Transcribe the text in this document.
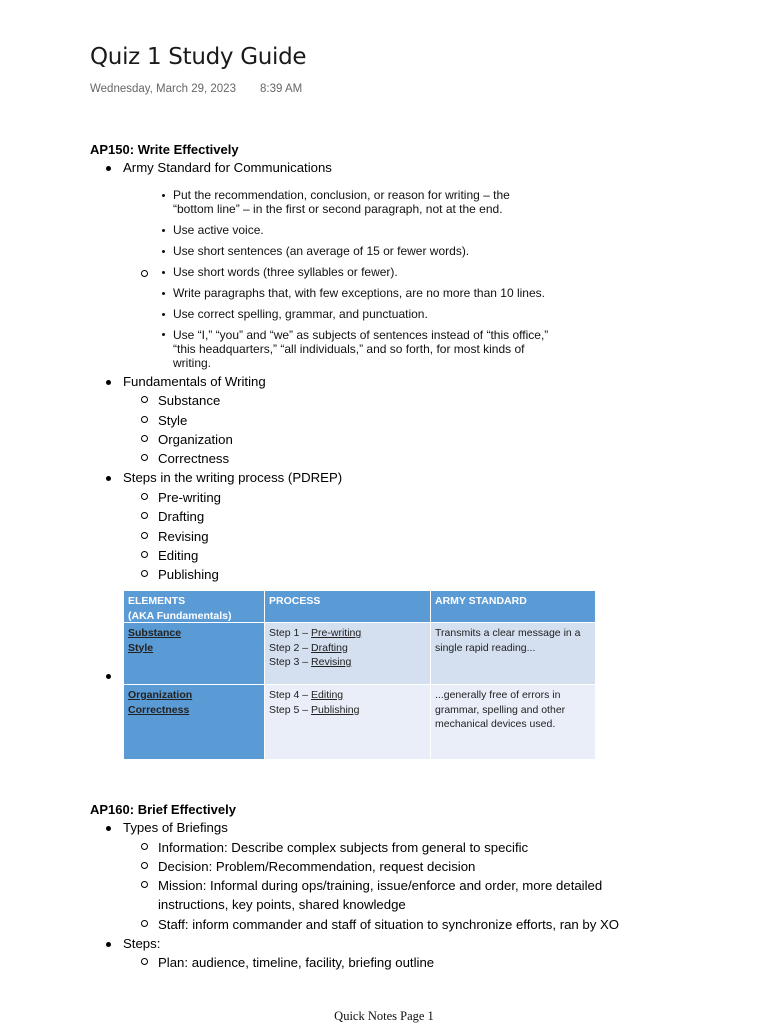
Quiz 1 Study Guide
Wednesday, March 29, 2023 8:39 AM
AP150: Write Effectively
Army Standard for Communications
Put the recommendation, conclusion, or reason for writing – the
“bottom line” – in the first or second paragraph, not at the end.
Use active voice.
Use short sentences (an average of 15 or fewer words).
Use short words (three syllables or fewer).
Write paragraphs that, with few exceptions, are no more than 10 lines.
Use correct spelling, grammar, and punctuation.
Use “I,” “you” and “we” as subjects of sentences instead of “this office,”
“this headquarters,” “all individuals,” and so forth, for most kinds of
writing.
Fundamentals of Writing
Substance
Style
Organization
Correctness
Steps in the writing process (PDREP)
Pre-writing
Drafting
Revising
Editing
Publishing
ELEMENTS
(AKA Fundamentals)
PROCESS	ARMY STANDARD
Substance
Style
Step 1 – Pre-writing
Step 2 – Drafting
Step 3 – Revising
Transmits a clear message in a
single rapid reading...
Organization
Correctness
Step 4 – Editing
Step 5 – Publishing
...generally free of errors in
grammar, spelling and other
mechanical devices used.
AP160: Brief Effectively
Types of Briefings
Information: Describe complex subjects from general to specific
Decision: Problem/Recommendation, request decision
Mission: Informal during ops/training, issue/enforce and order, more detailed
instructions, key points, shared knowledge
Staff: inform commander and staff of situation to synchronize efforts, ran by XO
Steps:
Plan: audience, timeline, facility, briefing outline
Quick Notes Page 1
